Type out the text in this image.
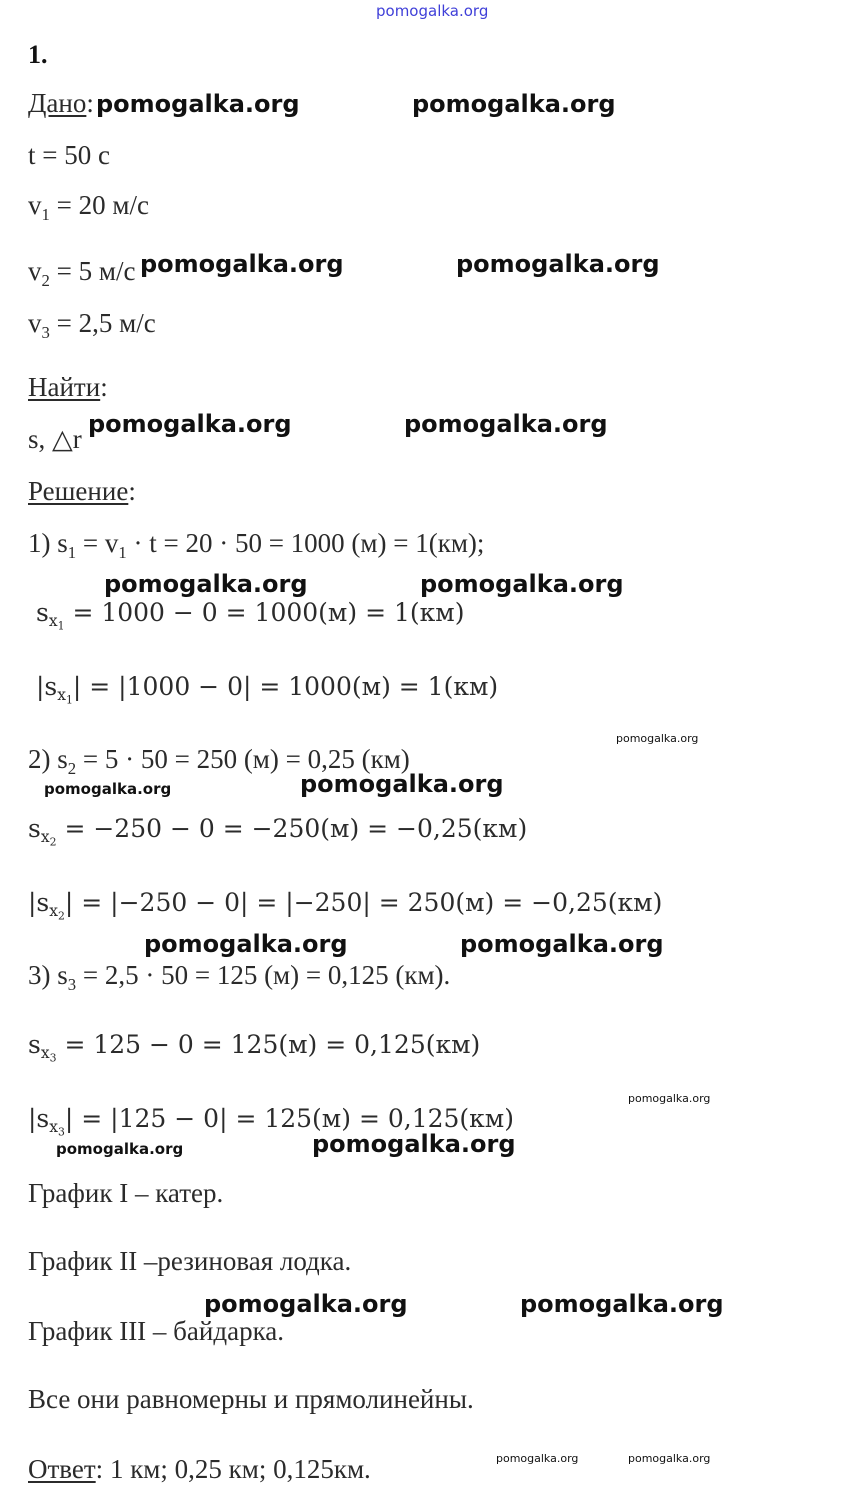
pomogalka.org
1.
Дано:
t = 50 с
$v_1 = 20$ м/с
$v_2 = 5$ м/с
$v_3 = 2,5$ м/с
Найти:
s, △r
Решение:
1) $s_1 = v_1 \cdot t = 20 \cdot 50 = 1000$ (м) = 1(км);
$s_{x_1} = 1000 - 0 = 1000(м) = 1(км)$
$|s_{x_1}| = |1000 - 0| = 1000(м) = 1(км)$
2) $s_2 = 5 \cdot 50 = 250$ (м) = 0,25 (км)
$s_{x_2} = -250 - 0 = -250(м) = -0,25(км)$
$|s_{x_2}| = |-250 - 0| = |-250| = 250(м) = -0,25(км)$
3) $s_3 = 2,5 \cdot 50 = 125$ (м) = 0,125 (км).
$s_{x_3} = 125 - 0 = 125(м) = 0,125(км)$
$|s_{x_3}| = |125 - 0| = 125(м) = 0,125(км)$
График I – катер.
График II –резиновая лодка.
График III – байдарка.
Все они равномерны и прямолинейны.
Ответ: 1 км; 0,25 км; 0,125км.
pomogalka.org	pomogalka.org
pomogalka.org	pomogalka.org
pomogalka.org	pomogalka.org
pomogalka.org	pomogalka.org
pomogalka.org
pomogalka.org	pomogalka.org
pomogalka.org	pomogalka.org
pomogalka.org
pomogalka.org	pomogalka.org
pomogalka.org	pomogalka.org
pomogalka.org	pomogalka.org
